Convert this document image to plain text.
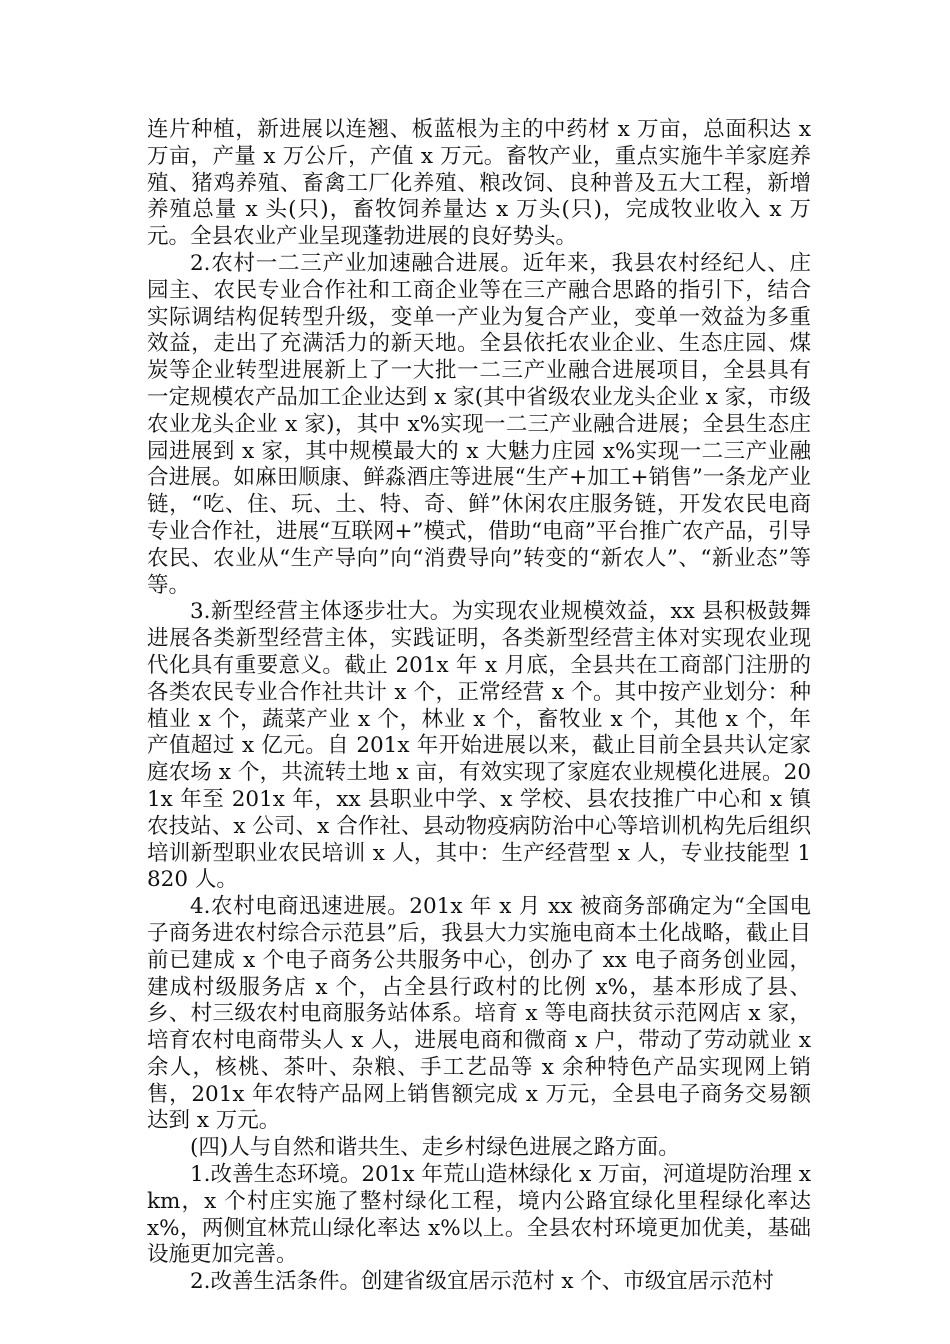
连片种植，新进展以连翘、板蓝根为主的中药材 x 万亩，总面积达 x 万亩，产量 x 万公斤，产值 x 万元。畜牧产业，重点实施牛羊家庭养殖、猪鸡养殖、畜禽工厂化养殖、粮改饲、良种普及五大工程，新增养殖总量 x 头(只)，畜牧饲养量达 x 万头(只)，完成牧业收入 x 万元。全县农业产业呈现蓬勃进展的良好势头。

2.农村一二三产业加速融合进展。近年来，我县农村经纪人、庄园主、农民专业合作社和工商企业等在三产融合思路的指引下，结合实际调结构促转型升级，变单一产业为复合产业，变单一效益为多重效益，走出了充满活力的新天地。全县依托农业企业、生态庄园、煤炭等企业转型进展新上了一大批一二三产业融合进展项目，全县具有一定规模农产品加工企业达到 x 家(其中省级农业龙头企业 x 家，市级农业龙头企业 x 家)，其中 x%实现一二三产业融合进展；全县生态庄园进展到 x 家，其中规模最大的 x 大魅力庄园 x%实现一二三产业融合进展。如麻田顺康、鲜淼酒庄等进展“生产+加工+销售”一条龙产业链，“吃、住、玩、土、特、奇、鲜”休闲农庄服务链，开发农民电商专业合作社，进展“互联网+”模式，借助“电商”平台推广农产品，引导农民、农业从“生产导向”向“消费导向”转变的“新农人”、“新业态”等等。

3.新型经营主体逐步壮大。为实现农业规模效益，xx 县积极鼓舞进展各类新型经营主体，实践证明，各类新型经营主体对实现农业现代化具有重要意义。截止 201x 年 x 月底，全县共在工商部门注册的各类农民专业合作社共计 x 个，正常经营 x 个。其中按产业划分：种植业 x 个，蔬菜产业 x 个，林业 x 个，畜牧业 x 个，其他 x 个，年产值超过 x 亿元。自 201x 年开始进展以来，截止目前全县共认定家庭农场 x 个，共流转土地 x 亩，有效实现了家庭农业规模化进展。201x 年至 201x 年，xx 县职业中学、x 学校、县农技推广中心和 x 镇农技站、x 公司、x 合作社、县动物疫病防治中心等培训机构先后组织培训新型职业农民培训 x 人，其中：生产经营型 x 人，专业技能型 1820 人。

4.农村电商迅速进展。201x 年 x 月 xx 被商务部确定为“全国电子商务进农村综合示范县”后，我县大力实施电商本土化战略，截止目前已建成 x 个电子商务公共服务中心，创办了 xx 电子商务创业园，建成村级服务店 x 个，占全县行政村的比例 x%，基本形成了县、乡、村三级农村电商服务站体系。培育 x 等电商扶贫示范网店 x 家，培育农村电商带头人 x 人，进展电商和微商 x 户，带动了劳动就业 x 余人，核桃、茶叶、杂粮、手工艺品等 x 余种特色产品实现网上销售，201x 年农特产品网上销售额完成 x 万元，全县电子商务交易额达到 x 万元。

(四)人与自然和谐共生、走乡村绿色进展之路方面。

1.改善生态环境。201x 年荒山造林绿化 x 万亩，河道堤防治理 xkm，x 个村庄实施了整村绿化工程，境内公路宜绿化里程绿化率达 x%，两侧宜林荒山绿化率达 x%以上。全县农村环境更加优美，基础设施更加完善。

2.改善生活条件。创建省级宜居示范村 x 个、市级宜居示范村
